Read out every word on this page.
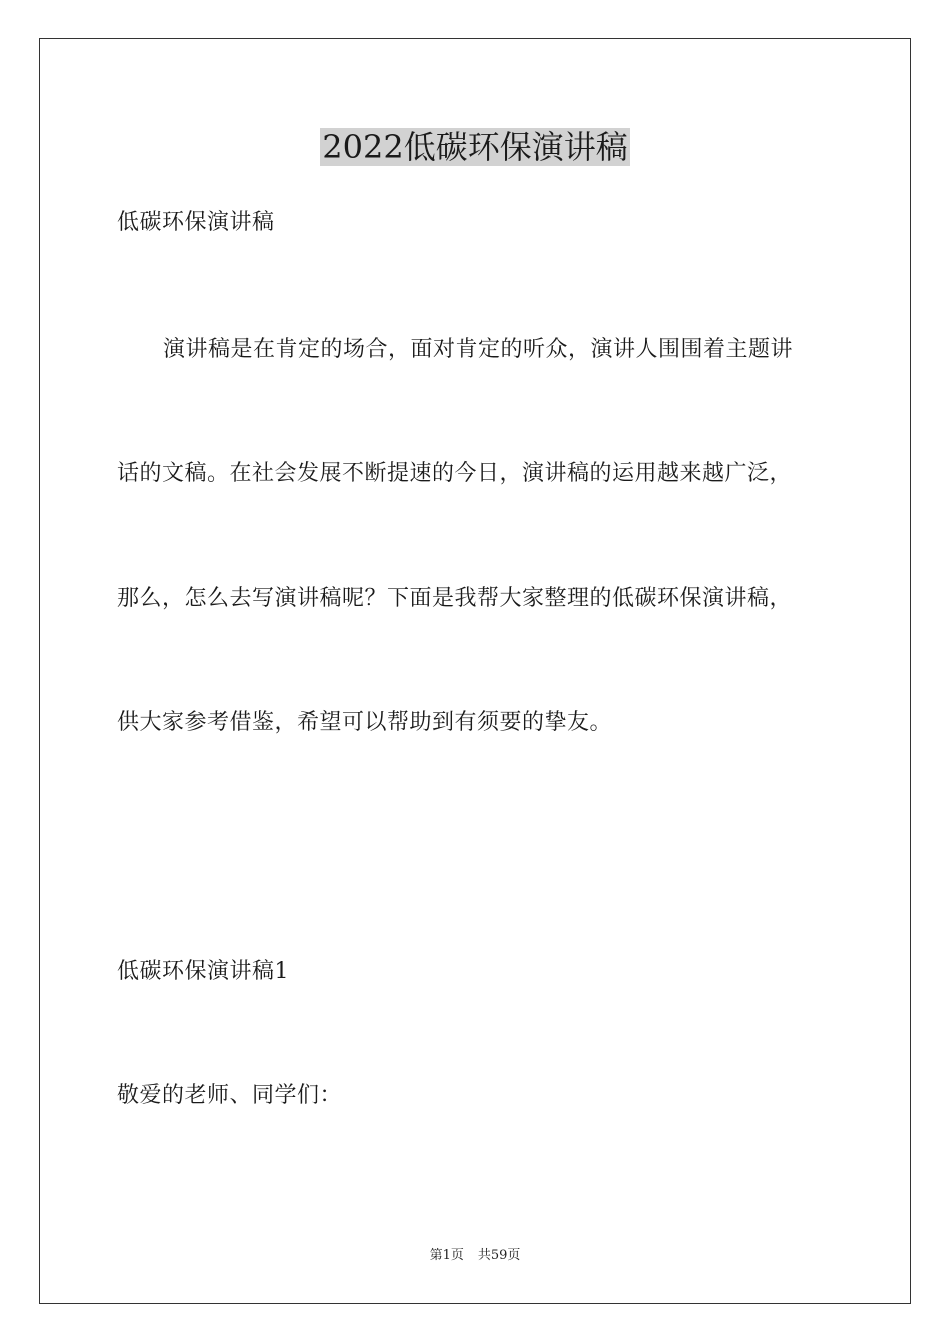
2022低碳环保演讲稿
低碳环保演讲稿
演讲稿是在肯定的场合，面对肯定的听众，演讲人围围着主题讲
话的文稿。在社会发展不断提速的今日，演讲稿的运用越来越广泛，
那么，怎么去写演讲稿呢？下面是我帮大家整理的低碳环保演讲稿，
供大家参考借鉴，希望可以帮助到有须要的挚友。
低碳环保演讲稿1
敬爱的老师、同学们：
第1页 共59页
